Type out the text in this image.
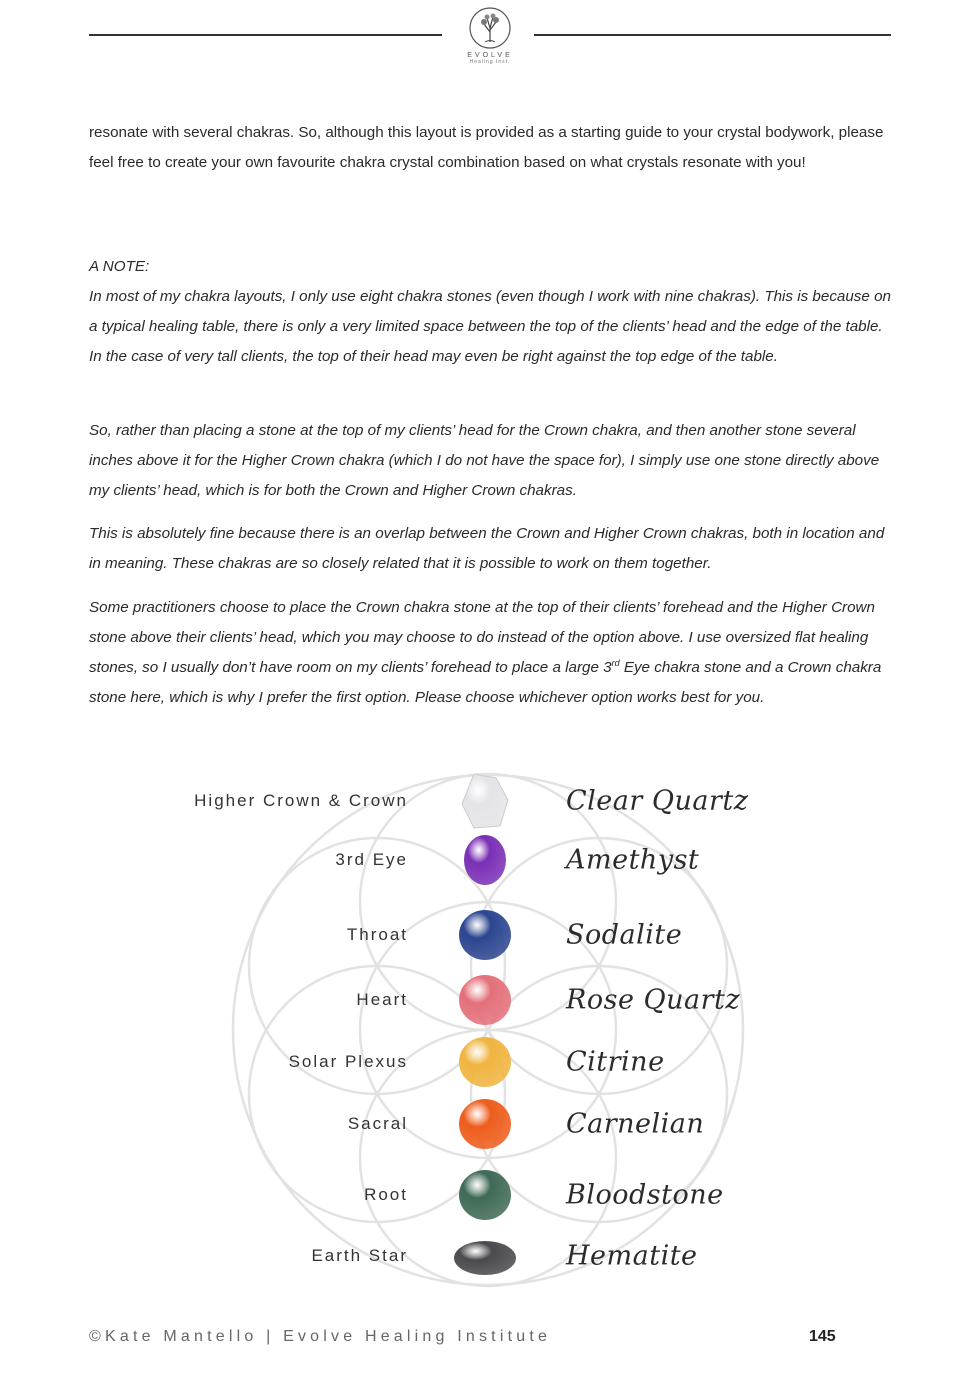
EVOLVE
Healing Inst.
resonate with several chakras. So, although this layout is provided as a starting guide to your crystal bodywork, please feel free to create your own favourite chakra crystal combination based on what crystals resonate with you!
A NOTE:
In most of my chakra layouts, I only use eight chakra stones (even though I work with nine chakras). This is because on a typical healing table, there is only a very limited space between the top of the clients’ head and the edge of the table. In the case of very tall clients, the top of their head may even be right against the top edge of the table.
So, rather than placing a stone at the top of my clients’ head for the Crown chakra, and then another stone several inches above it for the Higher Crown chakra (which I do not have the space for), I simply use one stone directly above my clients’ head, which is for both the Crown and Higher Crown chakras.
This is absolutely fine because there is an overlap between the Crown and Higher Crown chakras, both in location and in meaning. These chakras are so closely related that it is possible to work on them together.
Some practitioners choose to place the Crown chakra stone at the top of their clients’ forehead and the Higher Crown stone above their clients’ head, which you may choose to do instead of the option above. I use oversized flat healing stones, so I usually don’t have room on my clients’ forehead to place a large 3rd Eye chakra stone and a Crown chakra stone here, which is why I prefer the first option. Please choose whichever option works best for you.
Higher Crown & Crown	Clear Quartz
3rd Eye	Amethyst
Throat	Sodalite
Heart	Rose Quartz
Solar Plexus	Citrine
Sacral	Carnelian
Root	Bloodstone
Earth Star	Hematite
©Kate Mantello | Evolve Healing Institute	145
